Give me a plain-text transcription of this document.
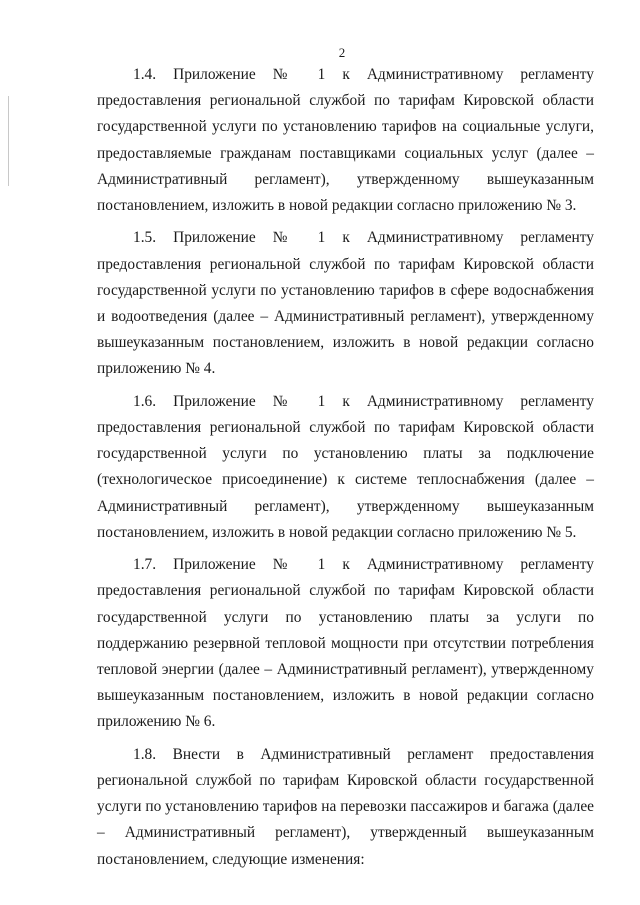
2

1.4. Приложение № 1 к Административному регламенту предоставления региональной службой по тарифам Кировской области государственной услуги по установлению тарифов на социальные услуги, предоставляемые гражданам поставщиками социальных услуг (далее – Административный регламент), утвержденному вышеуказанным постановлением, изложить в новой редакции согласно приложению № 3.

1.5. Приложение № 1 к Административному регламенту предоставления региональной службой по тарифам Кировской области государственной услуги по установлению тарифов в сфере водоснабжения и водоотведения (далее – Административный регламент), утвержденному вышеуказанным постановлением, изложить в новой редакции согласно приложению № 4.

1.6. Приложение № 1 к Административному регламенту предоставления региональной службой по тарифам Кировской области государственной услуги по установлению платы за подключение (технологическое присоединение) к системе теплоснабжения (далее – Административный регламент), утвержденному вышеуказанным постановлением, изложить в новой редакции согласно приложению № 5.

1.7. Приложение № 1 к Административному регламенту предоставления региональной службой по тарифам Кировской области государственной услуги по установлению платы за услуги по поддержанию резервной тепловой мощности при отсутствии потребления тепловой энергии (далее – Административный регламент), утвержденному вышеуказанным постановлением, изложить в новой редакции согласно приложению № 6.

1.8. Внести в Административный регламент предоставления региональной службой по тарифам Кировской области государственной услуги по установлению тарифов на перевозки пассажиров и багажа (далее – Административный регламент), утвержденный вышеуказанным постановлением, следующие изменения:
